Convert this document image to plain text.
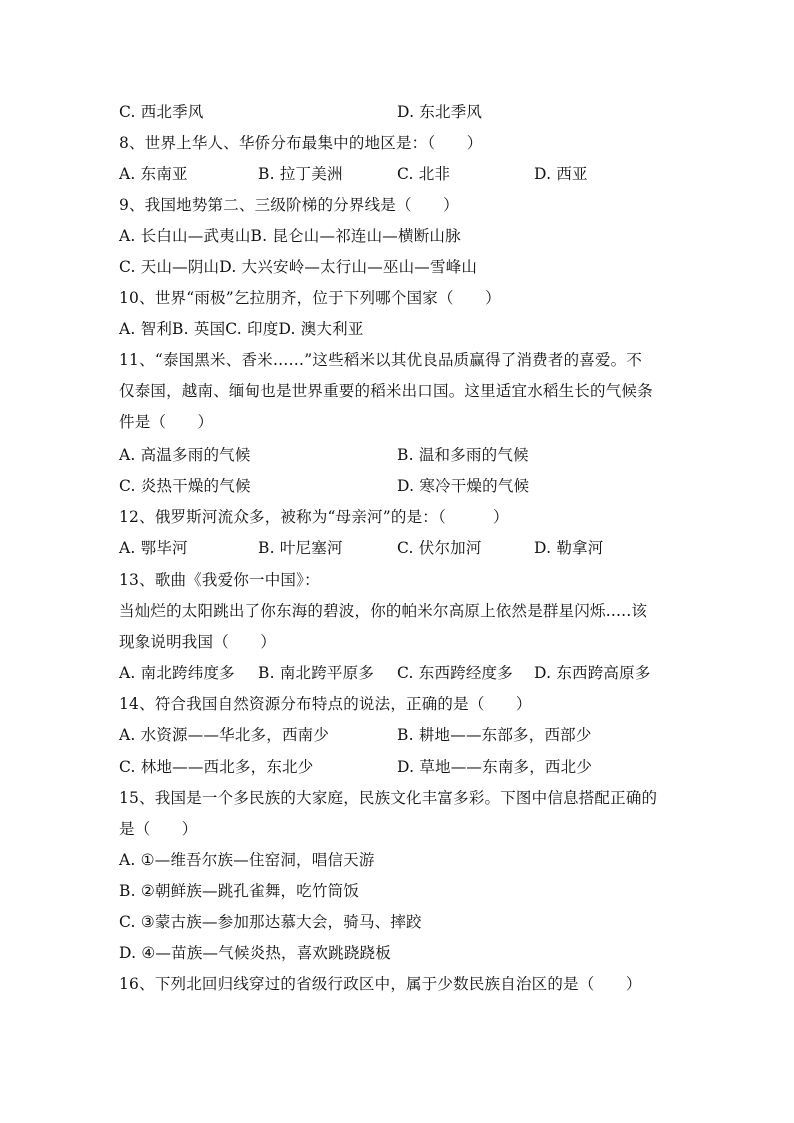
C. 西北季风	D. 东北季风
8、世界上华人、华侨分布最集中的地区是：（　　）
A. 东南亚	B. 拉丁美洲	C. 北非	D. 西亚
9、我国地势第二、三级阶梯的分界线是（　　）
A. 长白山—武夷山B. 昆仑山—祁连山—横断山脉
C. 天山—阴山D. 大兴安岭—太行山—巫山—雪峰山
10、世界“雨极”乞拉朋齐，位于下列哪个国家（　　）
A. 智利B. 英国C. 印度D. 澳大利亚
11、“泰国黑米、香米……”这些稻米以其优良品质赢得了消费者的喜爱。不
仅泰国，越南、缅甸也是世界重要的稻米出口国。这里适宜水稻生长的气候条
件是（　　）
A. 高温多雨的气候	B. 温和多雨的气候
C. 炎热干燥的气候	D. 寒冷干燥的气候
12、俄罗斯河流众多，被称为“母亲河”的是：（　　　）
A. 鄂毕河	B. 叶尼塞河	C. 伏尔加河	D. 勒拿河
13、歌曲《我爱你一中国》：
当灿烂的太阳跳出了你东海的碧波，你的帕米尔高原上依然是群星闪烁.....该
现象说明我国（　　）
A. 南北跨纬度多 B. 南北跨平原多 C. 东西跨经度多 D. 东西跨高原多
14、符合我国自然资源分布特点的说法，正确的是（　　）
A. 水资源——华北多，西南少	B. 耕地——东部多，西部少
C. 林地——西北多，东北少	D. 草地——东南多，西北少
15、我国是一个多民族的大家庭，民族文化丰富多彩。下图中信息搭配正确的
是（　　）
A. ①—维吾尔族—住窑洞，唱信天游
B. ②朝鲜族—跳孔雀舞，吃竹筒饭
C. ③蒙古族—参加那达慕大会，骑马、摔跤
D. ④—苗族—气候炎热，喜欢跳跷跷板
16、下列北回归线穿过的省级行政区中，属于少数民族自治区的是（　　）
